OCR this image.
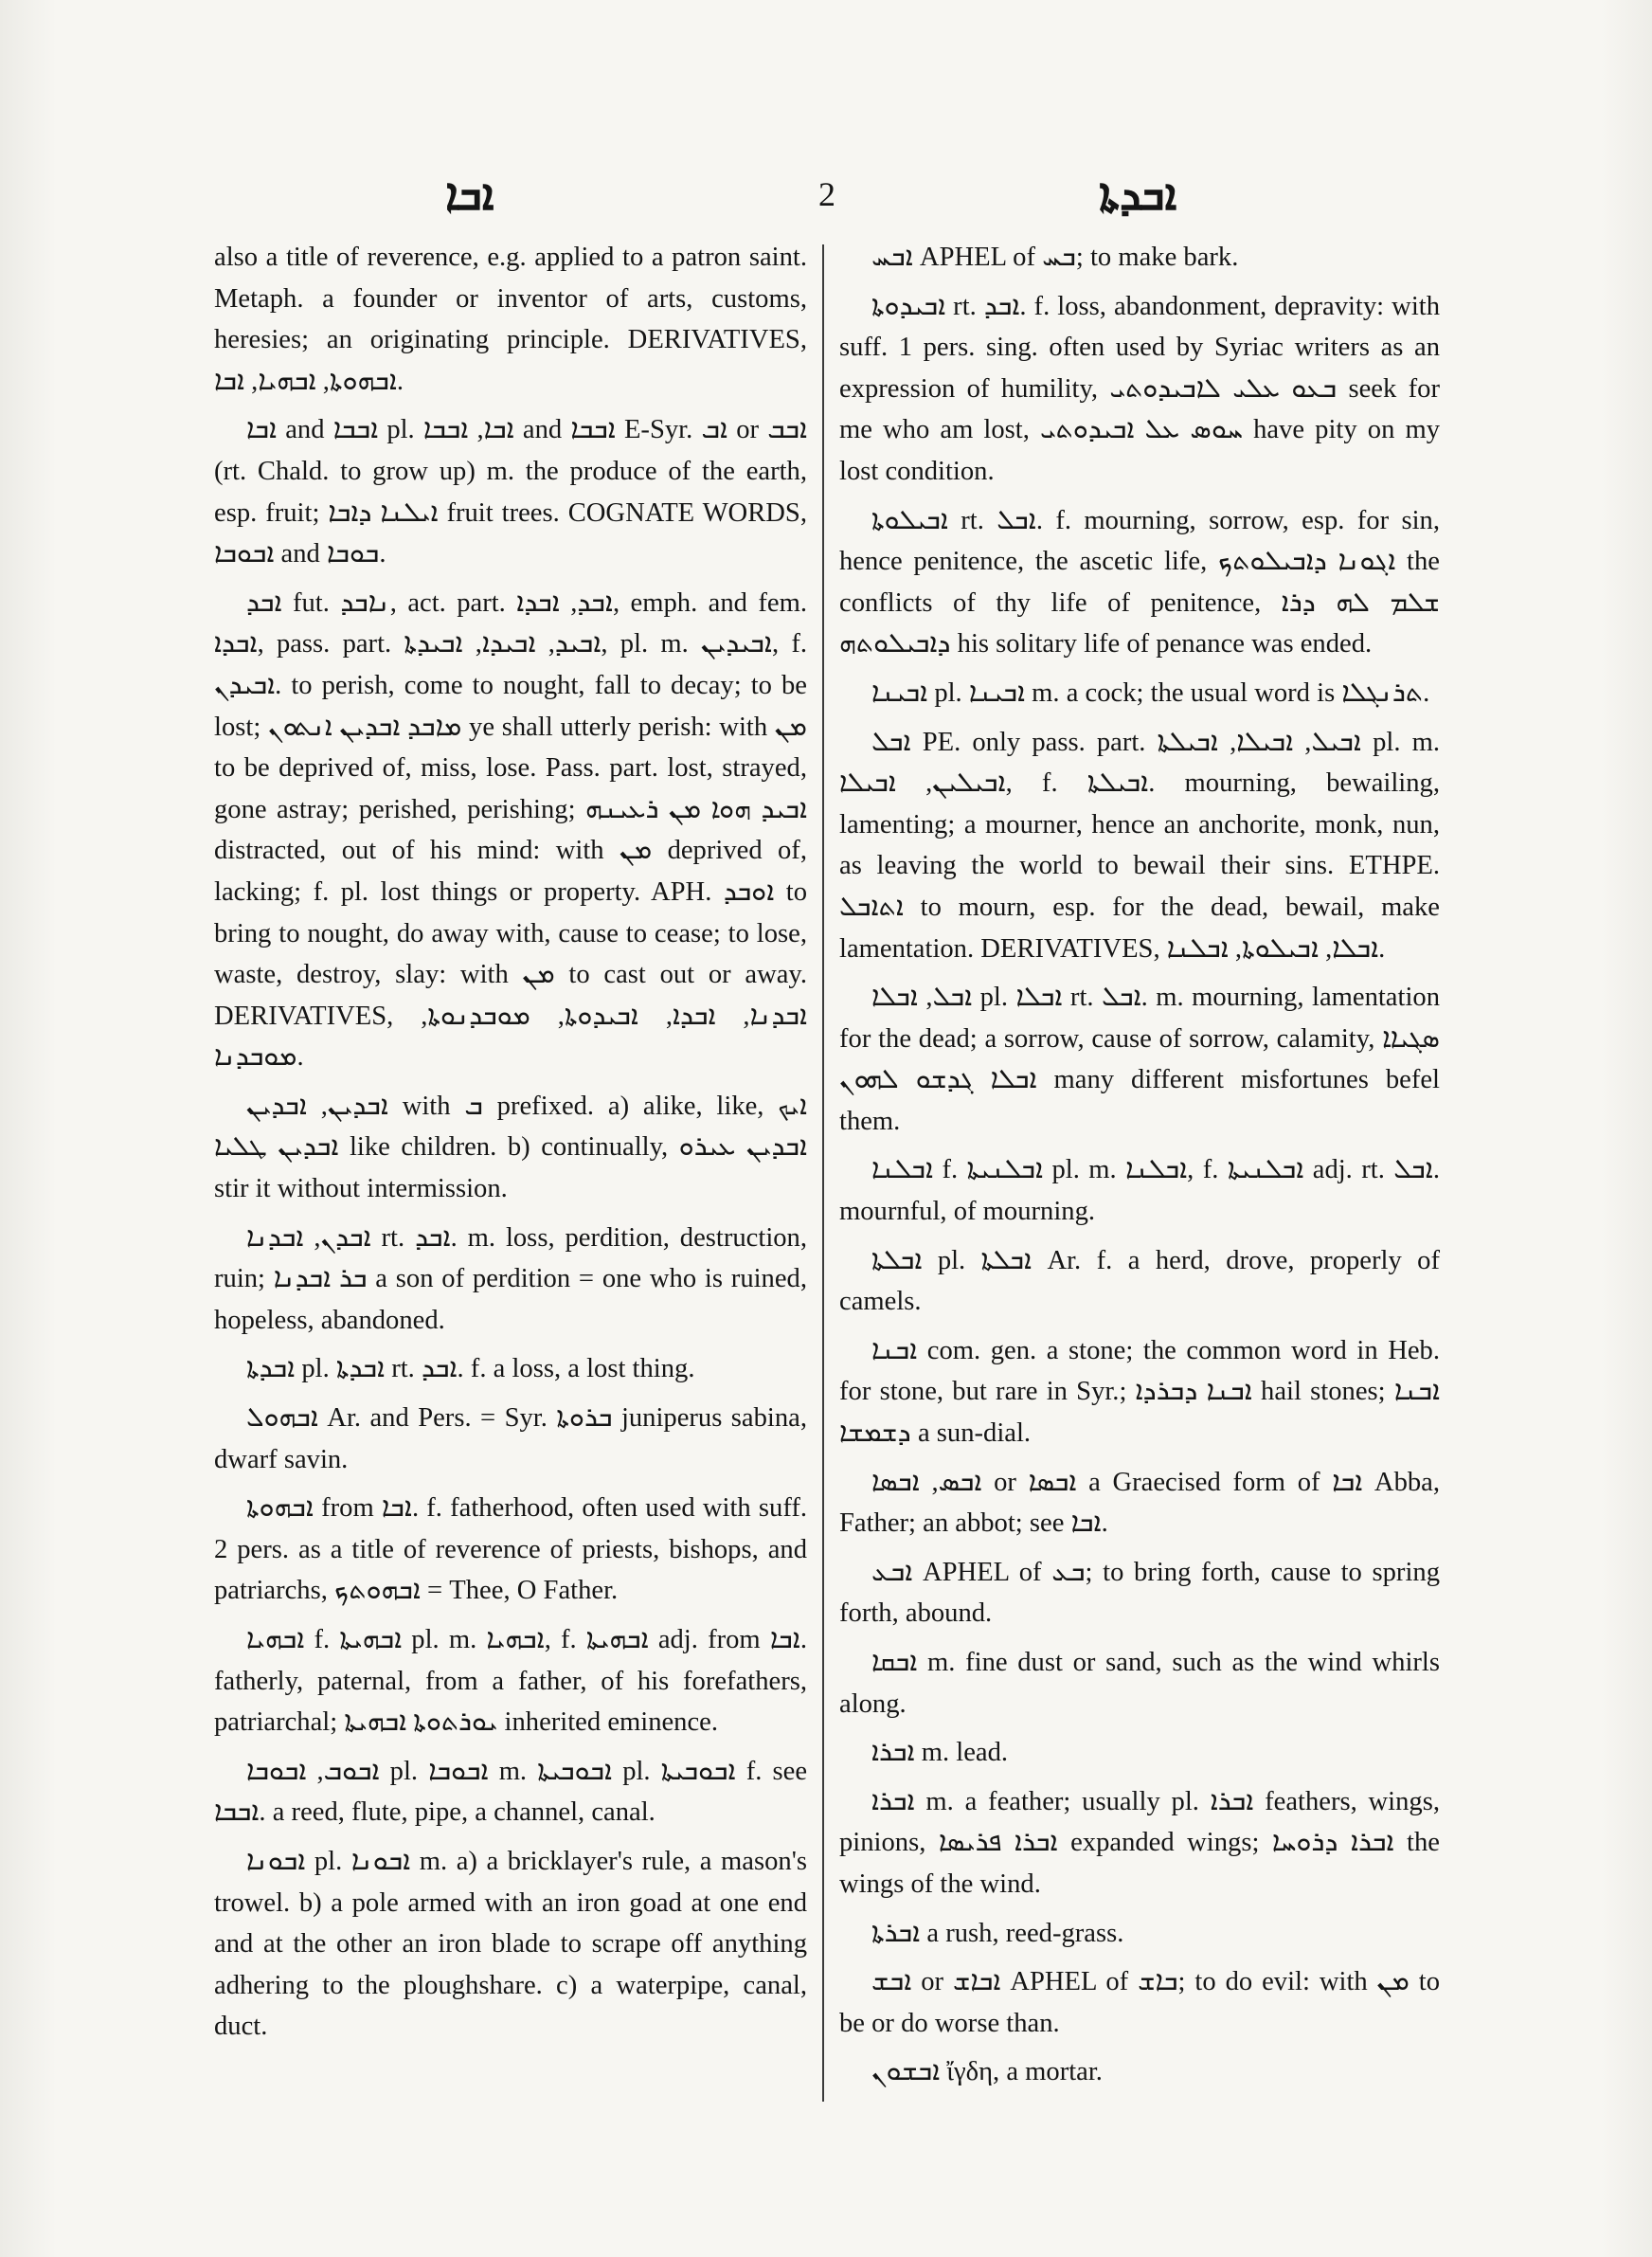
ܐܒܐ	2	ܐܒܕܬܐ

also a title of reverence, e.g. applied to a patron saint. Metaph. a founder or inventor of arts, customs, heresies; an originating principle. DERIVATIVES, ܐܒܗܘܬܐ, ܐܒܗܝܐ, ܐܒܐ.

ܐܒܐ and ܐܒܒܐ pl. ܐܒܐ, ܐܒܒܐ and ܐܒܒܐ E-Syr. ܐܒ or ܐܒܒ (rt. Chald. to grow up) m. the produce of the earth, esp. fruit; ܐܝܠܢܐ ܕܐܒܐ fruit trees. COGNATE WORDS, ܐܒܘܒܐ and ܒܘܒܐ.

ܐܒܕ fut. ܢܐܒܕ, act. part. ܐܒܕ, ܐܒܕܐ, emph. and fem. ܐܒܕܐ, pass. part. ܐܒܝܕ, ܐܒܝܕܐ, ܐܒܝܕܬܐ, pl. m. ܐܒܝܕܝܢ, f. ܐܒܝܕܢ. to perish, come to nought, fall to decay; to be lost; ܡܐܒܕ ܐܒܕܝܢ ܐܢܬܘܢ ye shall utterly perish: with ܡܢ to be deprived of, miss, lose. Pass. part. lost, strayed, gone astray; perished, perishing; ܐܒܝܕ ܗܘܐ ܡܢ ܪܥܝܢܗ distracted, out of his mind: with ܡܢ deprived of, lacking; f. pl. lost things or property. APH. ܐܘܒܕ to bring to nought, do away with, cause to cease; to lose, waste, destroy, slay: with ܡܢ to cast out or away. DERIVATIVES, ܐܒܕܢܐ, ܐܒܕܐ, ܐܒܝܕܘܬܐ, ܡܘܒܕܢܘܬܐ, ܡܘܒܕܢܐ.

ܐܒܕܝܢ, ܐܒܕܝܢ with ܒ prefixed. a) alike, like, ܐܝܟ ܐܒܕܝܢ ܛܠܝܐ like children. b) continually, ܐܒܕܝܢ ܥܝܪܘ stir it without intermission.

ܐܒܕܢ, ܐܒܕܢܐ rt. ܐܒܕ. m. loss, perdition, destruction, ruin; ܒܪ ܐܒܕܢܐ a son of perdition = one who is ruined, hopeless, abandoned.

ܐܒܕܬܐ pl. ܐܒܕܬܐ rt. ܐܒܕ. f. a loss, a lost thing.

ܐܒܗܘܠ Ar. and Pers. = Syr. ܒܪܘܬܐ juniperus sabina, dwarf savin.

ܐܒܗܘܬܐ from ܐܒܐ. f. fatherhood, often used with suff. 2 pers. as a title of reverence of priests, bishops, and patriarchs, ܐܒܗܘܬܟ = Thee, O Father.

ܐܒܗܝܐ f. ܐܒܗܝܬܐ pl. m. ܐܒܗܝܐ, f. ܐܒܗܝܬܐ adj. from ܐܒܐ. fatherly, paternal, from a father, of his forefathers, patriarchal; ܝܘܪܬܘܬܐ ܐܒܗܝܬܐ inherited eminence.

ܐܒܘܒ, ܐܒܘܒܐ pl. ܐܒܘܒܐ m. ܐܒܘܒܝܬܐ pl. ܐܒܘܒܝܬܐ f. see ܐܒܒܐ. a reed, flute, pipe, a channel, canal.

ܐܒܘܢܐ pl. ܐܒܘܢܐ m. a) a bricklayer's rule, a mason's trowel. b) a pole armed with an iron goad at one end and at the other an iron blade to scrape off anything adhering to the ploughshare. c) a waterpipe, canal, duct.

ܐܒܚ APHEL of ܒܚ; to make bark.

ܐܒܝܕܘܬܐ rt. ܐܒܕ. f. loss, abandonment, depravity: with suff. 1 pers. sing. often used by Syriac writers as an expression of humility, ܒܥܘ ܥܠܝ ܠܐܒܝܕܘܬܝ seek for me who am lost, ܚܘܣ ܥܠ ܐܒܝܕܘܬܝ have pity on my lost condition.

ܐܒܝܠܘܬܐ rt. ܐܒܠ. f. mourning, sorrow, esp. for sin, hence penitence, the ascetic life, ܐܓܘܢܐ ܕܐܒܝܠܘܬܟ the conflicts of thy life of penitence, ܫܠܡ ܠܗ ܕܪܐ ܕܐܒܝܠܘܬܗ his solitary life of penance was ended.

ܐܒܝܢܐ pl. ܐܒܝܢܐ m. a cock; the usual word is ܬܪܢܓܠܐ.

ܐܒܠ PE. only pass. part. ܐܒܝܠ, ܐܒܝܠܐ, ܐܒܝܠܬܐ pl. m. ܐܒܝܠܝܢ, ܐܒܝܠܐ, f. ܐܒܝܠܬܐ. mourning, bewailing, lamenting; a mourner, hence an anchorite, monk, nun, as leaving the world to bewail their sins. ETHPE. ܐܬܐܒܠ to mourn, esp. for the dead, bewail, make lamentation. DERIVATIVES, ܐܒܠܐ, ܐܒܝܠܘܬܐ, ܐܒܠܢܐ.

ܐܒܠ, ܐܒܠܐ pl. ܐܒܠܐ rt. ܐܒܠ. m. mourning, lamentation for the dead; a sorrow, cause of sorrow, calamity, ܣܓܝܐܐ ܐܒܠܐ ܓܕܫܘ ܠܗܘܢ many different misfortunes befel them.

ܐܒܠܢܐ f. ܐܒܠܢܝܬܐ pl. m. ܐܒܠܢܐ, f. ܐܒܠܢܝܬܐ adj. rt. ܐܒܠ. mournful, of mourning.

ܐܒܠܬܐ pl. ܐܒܠܬܐ Ar. f. a herd, drove, properly of camels.

ܐܒܢܐ com. gen. a stone; the common word in Heb. for stone, but rare in Syr.; ܐܒܢܐ ܕܒܪܕܐ hail stones; ܐܒܢܐ ܕܫܡܫܐ a sun-dial.

ܐܒܣ, ܐܒܣܐ or ܐܒܣܐ a Graecised form of ܐܒܐ Abba, Father; an abbot; see ܐܒܐ.

ܐܒܥ APHEL of ܒܥ; to bring forth, cause to spring forth, abound.

ܐܒܩܐ m. fine dust or sand, such as the wind whirls along.

ܐܒܪܐ m. lead.

ܐܒܪܐ m. a feather; usually pl. ܐܒܪܐ feathers, wings, pinions, ܐܒܪܐ ܦܪܝܣܐ expanded wings; ܐܒܪܐ ܕܪܘܚܐ the wings of the wind.

ܐܒܪܬܐ a rush, reed-grass.

ܐܒܫ or ܐܒܐܫ APHEL of ܒܐܫ; to do evil: with ܡܢ to be or do worse than.

ܐܒܫܘܢ ἴγδη, a mortar.
